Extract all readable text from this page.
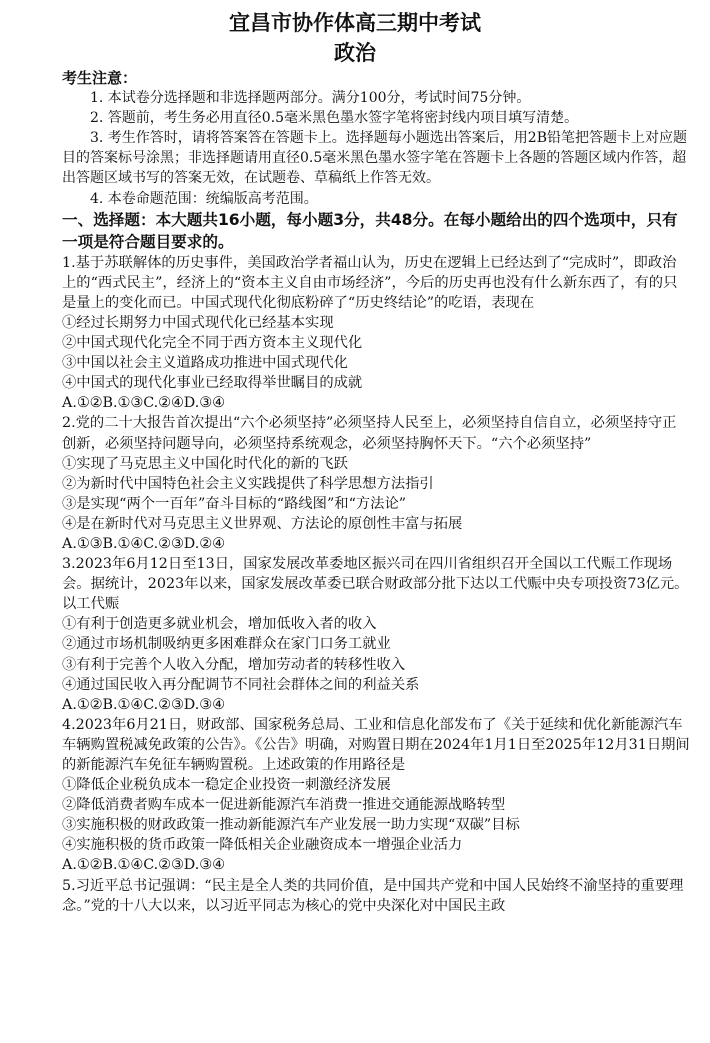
宜昌市协作体高三期中考试
政治

考生注意：

1. 本试卷分选择题和非选择题两部分。满分100分，考试时间75分钟。

2. 答题前，考生务必用直径0.5毫米黑色墨水签字笔将密封线内项目填写清楚。

3. 考生作答时，请将答案答在答题卡上。选择题每小题选出答案后，用2B铅笔把答题卡上对应题目的答案标号涂黑；非选择题请用直径0.5毫米黑色墨水签字笔在答题卡上各题的答题区域内作答，超出答题区域书写的答案无效，在试题卷、草稿纸上作答无效。

4. 本卷命题范围：统编版高考范围。

一、选择题：本大题共16小题，每小题3分，共48分。在每小题给出的四个选项中，只有一项是符合题目要求的。

1.基于苏联解体的历史事件，美国政治学者福山认为，历史在逻辑上已经达到了“完成时”，即政治上的“西式民主”，经济上的“资本主义自由市场经济”，今后的历史再也没有什么新东西了，有的只是量上的变化而已。中国式现代化彻底粉碎了“历史终结论”的吃语，表现在

①经过长期努力中国式现代化已经基本实现

②中国式现代化完全不同于西方资本主义现代化

③中国以社会主义道路成功推进中国式现代化

④中国式的现代化事业已经取得举世瞩目的成就

A.①②B.①③C.②④D.③④

2.党的二十大报告首次提出“六个必须坚持”必须坚持人民至上，必须坚持自信自立，必须坚持守正创新，必须坚持问题导向，必须坚持系统观念，必须坚持胸怀天下。“六个必须坚持”

①实现了马克思主义中国化时代化的新的飞跃

②为新时代中国特色社会主义实践提供了科学思想方法指引

③是实现“两个一百年”奋斗目标的“路线图”和“方法论”

④是在新时代对马克思主义世界观、方法论的原创性丰富与拓展

A.①③B.①④C.②③D.②④

3.2023年6月12日至13日，国家发展改革委地区振兴司在四川省组织召开全国以工代赈工作现场会。据统计，2023年以来，国家发展改革委已联合财政部分批下达以工代赈中央专项投资73亿元。以工代赈

①有利于创造更多就业机会，增加低收入者的收入

②通过市场机制吸纳更多困难群众在家门口务工就业

③有利于完善个人收入分配，增加劳动者的转移性收入

④通过国民收入再分配调节不同社会群体之间的利益关系

A.①②B.①④C.②③D.③④

4.2023年6月21日，财政部、国家税务总局、工业和信息化部发布了《关于延续和优化新能源汽车车辆购置税减免政策的公告》。《公告》明确，对购置日期在2024年1月1日至2025年12月31日期间的新能源汽车免征车辆购置税。上述政策的作用路径是

①降低企业税负成本一稳定企业投资一刺激经济发展

②降低消费者购车成本一促进新能源汽车消费一推进交通能源战略转型

③实施积极的财政政策一推动新能源汽车产业发展一助力实现“双碳”目标

④实施积极的货币政策一降低相关企业融资成本一增强企业活力

A.①②B.①④C.②③D.③④

5.习近平总书记强调：“民主是全人类的共同价值，是中国共产党和中国人民始终不渝坚持的重要理念。”党的十八大以来，以习近平同志为核心的党中央深化对中国民主政
